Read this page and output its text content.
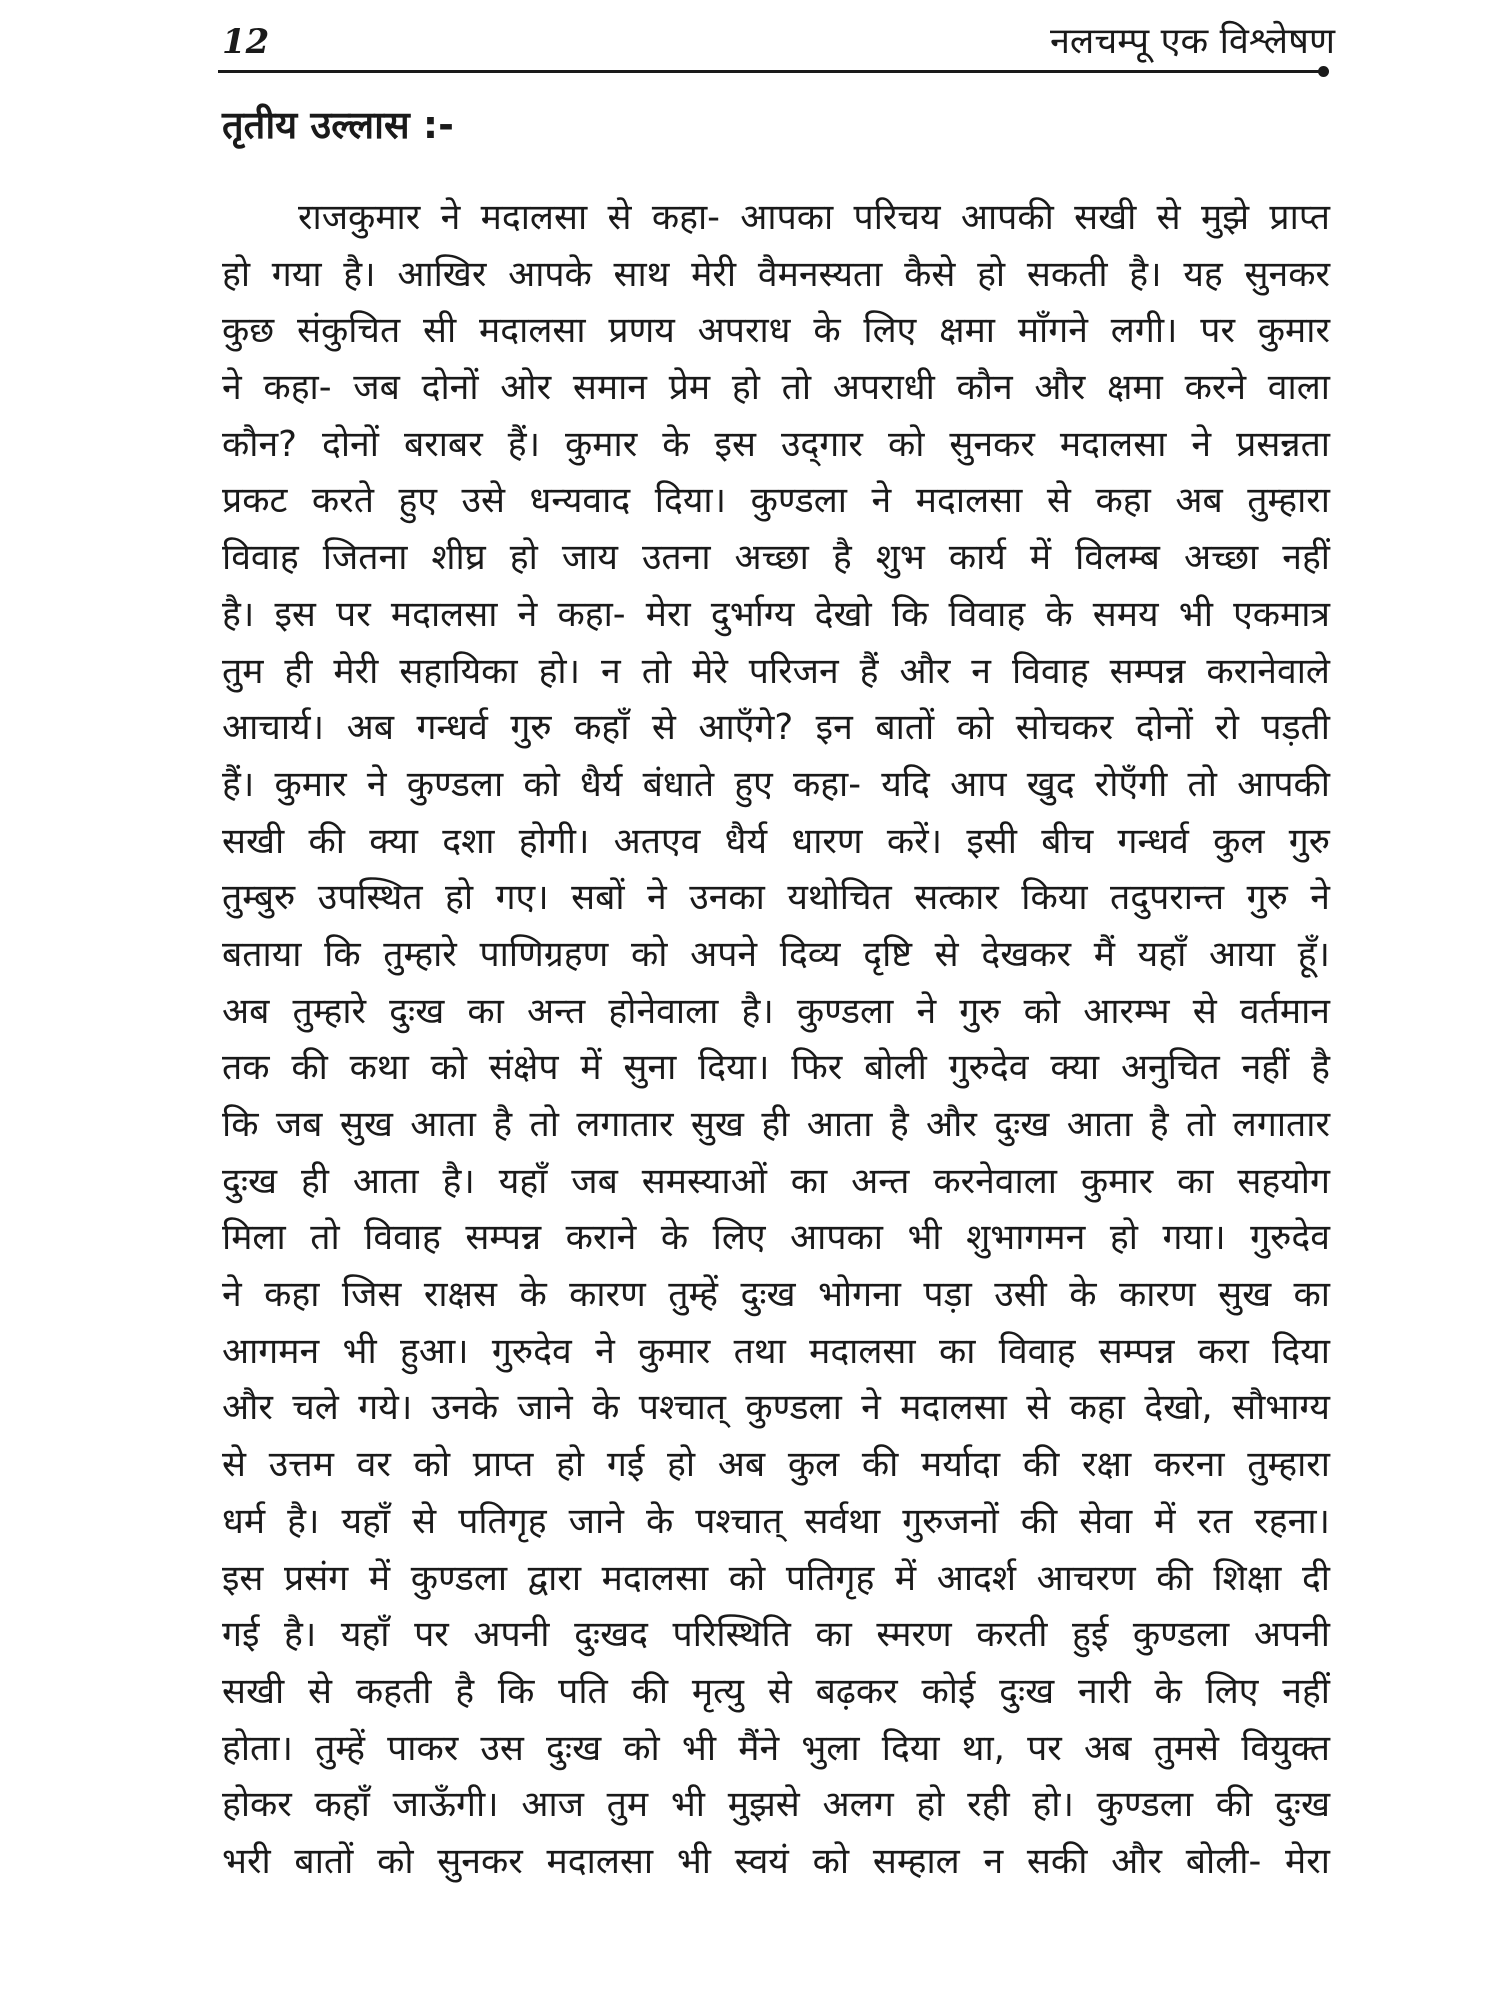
12	नलचम्पू एक विश्लेषण
तृतीय उल्लास :-
राजकुमार ने मदालसा से कहा- आपका परिचय आपकी सखी से मुझे प्राप्त
हो गया है। आखिर आपके साथ मेरी वैमनस्यता कैसे हो सकती है। यह सुनकर
कुछ संकुचित सी मदालसा प्रणय अपराध के लिए क्षमा माँगने लगी। पर कुमार
ने कहा- जब दोनों ओर समान प्रेम हो तो अपराधी कौन और क्षमा करने वाला
कौन? दोनों बराबर हैं। कुमार के इस उद्‌गार को सुनकर मदालसा ने प्रसन्नता
प्रकट करते हुए उसे धन्यवाद दिया। कुण्डला ने मदालसा से कहा अब तुम्हारा
विवाह जितना शीघ्र हो जाय उतना अच्छा है शुभ कार्य में विलम्ब अच्छा नहीं
है। इस पर मदालसा ने कहा- मेरा दुर्भाग्य देखो कि विवाह के समय भी एकमात्र
तुम ही मेरी सहायिका हो। न तो मेरे परिजन हैं और न विवाह सम्पन्न करानेवाले
आचार्य। अब गन्धर्व गुरु कहाँ से आएँगे? इन बातों को सोचकर दोनों रो पड़ती
हैं। कुमार ने कुण्डला को धैर्य बंधाते हुए कहा- यदि आप खुद रोएँगी तो आपकी
सखी की क्या दशा होगी। अतएव धैर्य धारण करें। इसी बीच गन्धर्व कुल गुरु
तुम्बुरु उपस्थित हो गए। सबों ने उनका यथोचित सत्कार किया तदुपरान्त गुरु ने
बताया कि तुम्हारे पाणिग्रहण को अपने दिव्य दृष्टि से देखकर मैं यहाँ आया हूँ।
अब तुम्हारे दुःख का अन्त होनेवाला है। कुण्डला ने गुरु को आरम्भ से वर्तमान
तक की कथा को संक्षेप में सुना दिया। फिर बोली गुरुदेव क्या अनुचित नहीं है
कि जब सुख आता है तो लगातार सुख ही आता है और दुःख आता है तो लगातार
दुःख ही आता है। यहाँ जब समस्याओं का अन्त करनेवाला कुमार का सहयोग
मिला तो विवाह सम्पन्न कराने के लिए आपका भी शुभागमन हो गया। गुरुदेव
ने कहा जिस राक्षस के कारण तुम्हें दुःख भोगना पड़ा उसी के कारण सुख का
आगमन भी हुआ। गुरुदेव ने कुमार तथा मदालसा का विवाह सम्पन्न करा दिया
और चले गये। उनके जाने के पश्चात्‌ कुण्डला ने मदालसा से कहा देखो, सौभाग्य
से उत्तम वर को प्राप्त हो गई हो अब कुल की मर्यादा की रक्षा करना तुम्हारा
धर्म है। यहाँ से पतिगृह जाने के पश्चात्‌ सर्वथा गुरुजनों की सेवा में रत रहना।
इस प्रसंग में कुण्डला द्वारा मदालसा को पतिगृह में आदर्श आचरण की शिक्षा दी
गई है। यहाँ पर अपनी दुःखद परिस्थिति का स्मरण करती हुई कुण्डला अपनी
सखी से कहती है कि पति की मृत्यु से बढ़कर कोई दुःख नारी के लिए नहीं
होता। तुम्हें पाकर उस दुःख को भी मैंने भुला दिया था, पर अब तुमसे वियुक्त
होकर कहाँ जाऊँगी। आज तुम भी मुझसे अलग हो रही हो। कुण्डला की दुःख
भरी बातों को सुनकर मदालसा भी स्वयं को सम्हाल न सकी और बोली- मेरा
